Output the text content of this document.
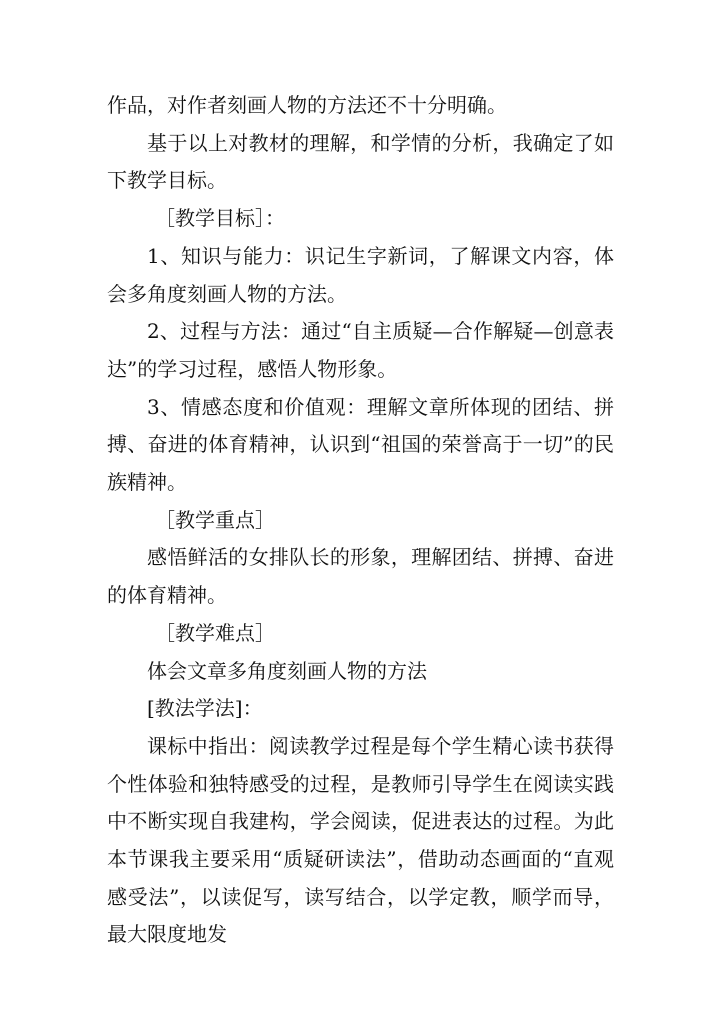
作品，对作者刻画人物的方法还不十分明确。

基于以上对教材的理解，和学情的分析，我确定了如下教学目标。

［教学目标］：

1、知识与能力：识记生字新词，了解课文内容，体会多角度刻画人物的方法。

2、过程与方法：通过“自主质疑—合作解疑—创意表达”的学习过程，感悟人物形象。

3、情感态度和价值观：理解文章所体现的团结、拼搏、奋进的体育精神，认识到“祖国的荣誉高于一切”的民族精神。

［教学重点］

感悟鲜活的女排队长的形象，理解团结、拼搏、奋进的体育精神。

［教学难点］

体会文章多角度刻画人物的方法

[教法学法]：

课标中指出：阅读教学过程是每个学生精心读书获得个性体验和独特感受的过程，是教师引导学生在阅读实践中不断实现自我建构，学会阅读，促进表达的过程。为此本节课我主要采用“质疑研读法”，借助动态画面的“直观感受法”，以读促写，读写结合，以学定教，顺学而导，最大限度地发
